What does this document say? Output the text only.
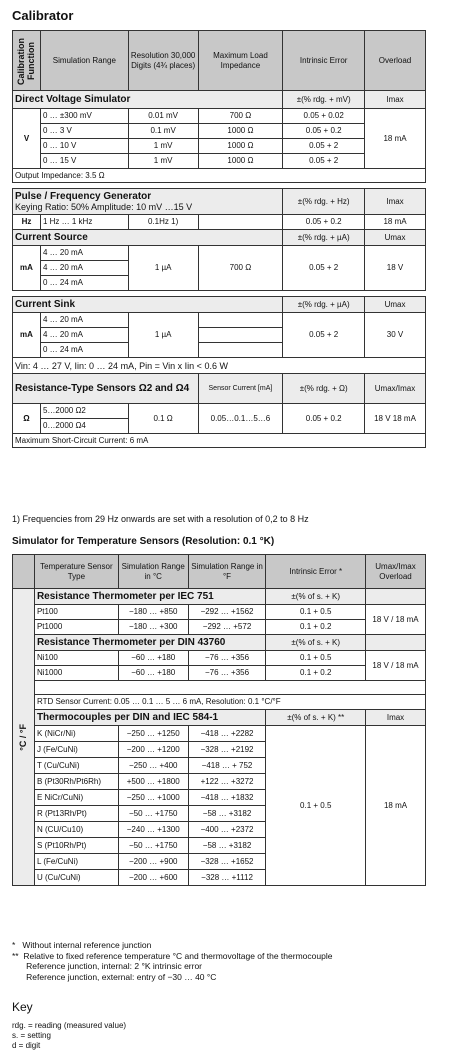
Calibrator
Calibration Function	Simulation Range	Resolution 30,000 Digits (4¾ places)	Maximum Load Impedance	Intrinsic Error	Overload
Direct Voltage Simulator				±(% rdg. + mV)	Imax
V	0 … ±300 mV	0.01 mV	700 Ω	0.05 + 0.02	18 mA
	0 … 3 V	0.1 mV	1000 Ω	0.05 + 0.2	
	0 … 10 V	1 mV	1000 Ω	0.05 + 2	
	0 … 15 V	1 mV	1000 Ω	0.05 + 2	
Output Impedance: 3.5 Ω					

Pulse / Frequency Generator
Keying Ratio: 50% Amplitude: 10 mV …15 V				±(% rdg. + Hz)	Imax
Hz	1 Hz … 1 kHz	0.1Hz 1)		0.05 + 0.2	18 mA
Current Source				±(% rdg. + µA)	Umax
mA	4 … 20 mA	1 µA	700 Ω	0.05 + 2	18 V
	4 … 20 mA				
	0 … 24 mA				

Current Sink				±(% rdg. + µA)	Umax
mA	4 … 20 mA	1 µA		0.05 + 2	30 V
	4 … 20 mA				
	0 … 24 mA				
Vin: 4 … 27 V, Iin: 0 … 24 mA, Pin = Vin x Iin < 0.6 W					
Resistance-Type Sensors Ω2 and Ω4			Sensor Current [mA]	±(% rdg. + Ω)	Umax/Imax
Ω	5…2000 Ω2	0.1 Ω	0.05…0.1…5…6	0.05 + 0.2	18 V 18 mA
	0…2000 Ω4				
Maximum Short-Circuit Current: 6 mA					
1) Frequencies from 29 Hz onwards are set with a resolution of 0,2 to 8 Hz
Simulator for Temperature Sensors (Resolution: 0.1 °K)
	Temperature Sensor Type	Simulation Range in °C	Simulation Range in °F	Intrinsic Error *	Umax/Imax Overload

°C / °F	Resistance Thermometer per IEC 751			±(% of s. + K)	
	Pt100	−180 … +850	−292 … +1562	0.1 + 0.5	18 V / 18 mA
	Pt1000	−180 … +300	−292 … +572	0.1 + 0.2	
	Resistance Thermometer per DIN 43760			±(% of s. + K)	
	Ni100	−60 … +180	−76 … +356	0.1 + 0.5	18 V / 18 mA
	Ni1000	−60 … +180	−76 … +356	0.1 + 0.2	

	RTD Sensor Current: 0.05 … 0.1 … 5 … 6 mA, Resolution: 0.1 °C/°F				
	Thermocouples per DIN and IEC 584-1			±(% of s. + K) **	Imax
	K (NiCr/Ni)	−250 … +1250	−418 … +2282	0.1 + 0.5	18 mA
	J (Fe/CuNi)	−200 … +1200	−328 … +2192		
	T (Cu/CuNi)	−250 … +400	−418 … + 752		
	B (Pt30Rh/Pt6Rh)	+500 … +1800	+122 … +3272		
	E NiCr/CuNi)	−250 … +1000	−418 … +1832		
	R (Pt13Rh/Pt)	−50 … +1750	−58 … +3182		
	N (CU/Cu10)	−240 … +1300	−400 … +2372		
	S (Pt10Rh/Pt)	−50 … +1750	−58 … +3182		
	L (Fe/CuNi)	−200 … +900	−328 … +1652		
	U (Cu/CuNi)	−200 … +600	−328 … +1112		
*   Without internal reference junction
**  Relative to fixed reference temperature °C and thermovoltage of the thermocouple
Reference junction, internal: 2 °K intrinsic error
Reference junction, external: entry of −30 … 40 °C
Key
rdg. = reading (measured value)
s. = setting
d = digit
